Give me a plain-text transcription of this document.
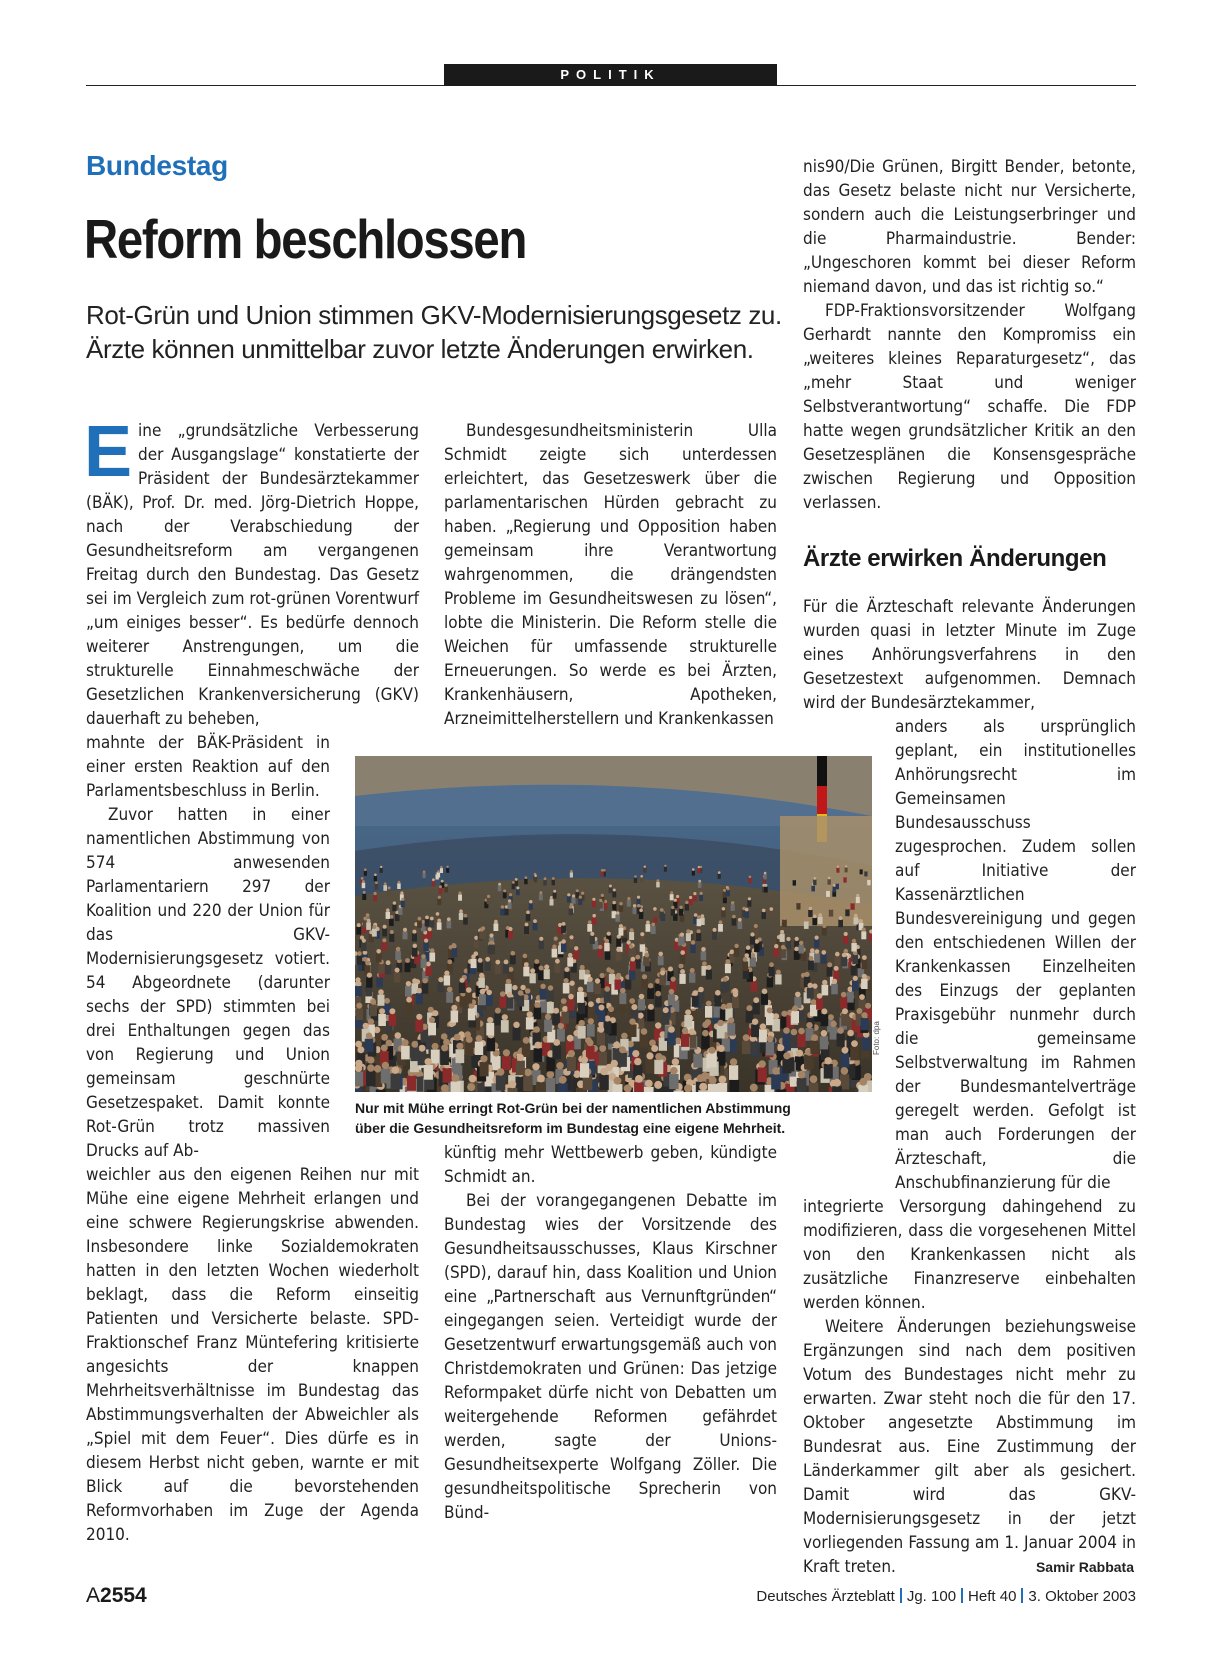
POLITIK
Bundestag
Reform beschlossen
Rot-Grün und Union stimmen GKV-Modernisierungsgesetz zu.
Ärzte können unmittelbar zuvor letzte Änderungen erwirken.

Eine „grundsätzliche Verbesserung der Ausgangslage“ konstatierte der Präsident der Bundesärztekammer (BÄK), Prof. Dr. med. Jörg-Dietrich Hoppe, nach der Verabschiedung der Gesundheitsreform am vergangenen Freitag durch den Bundestag. Das Gesetz sei im Vergleich zum rot-grünen Vorentwurf „um einiges besser“. Es bedürfe dennoch weiterer Anstrengungen, um die strukturelle Einnahmeschwäche der Gesetzlichen Krankenversicherung (GKV) dauerhaft zu beheben,

mahnte der BÄK-Präsident in einer ersten Reaktion auf den Parlamentsbeschluss in Berlin.

Zuvor hatten in einer namentlichen Abstimmung von 574 anwesenden Parlamentariern 297 der Koalition und 220 der Union für das GKV-Modernisierungsgesetz votiert. 54 Abgeordnete (darunter sechs der SPD) stimmten bei drei Enthaltungen gegen das von Regierung und Union gemeinsam geschnürte Gesetzespaket. Damit konnte Rot-Grün trotz massiven Drucks auf Ab-

weichler aus den eigenen Reihen nur mit Mühe eine eigene Mehrheit erlangen und eine schwere Regierungskrise abwenden. Insbesondere linke Sozialdemokraten hatten in den letzten Wochen wiederholt beklagt, dass die Reform einseitig Patienten und Versicherte belaste. SPD-Fraktionschef Franz Müntefering kritisierte angesichts der knappen Mehrheitsverhältnisse im Bundestag das Abstimmungsverhalten der Abweichler als „Spiel mit dem Feuer“. Dies dürfe es in diesem Herbst nicht geben, warnte er mit Blick auf die bevorstehenden Reformvorhaben im Zuge der Agenda 2010.

Bundesgesundheitsministerin Ulla Schmidt zeigte sich unterdessen erleichtert, das Gesetzeswerk über die parlamentarischen Hürden gebracht zu haben. „Regierung und Opposition haben gemeinsam ihre Verantwortung wahrgenommen, die drängendsten Probleme im Gesundheitswesen zu lösen“, lobte die Ministerin. Die Reform stelle die Weichen für umfassende strukturelle Erneuerungen. So werde es bei Ärzten, Krankenhäusern, Apotheken, Arzneimittelherstellern und Krankenkassen

künftig mehr Wettbewerb geben, kündigte Schmidt an.

Bei der vorangegangenen Debatte im Bundestag wies der Vorsitzende des Gesundheitsausschusses, Klaus Kirschner (SPD), darauf hin, dass Koalition und Union eine „Partnerschaft aus Vernunftgründen“ eingegangen seien. Verteidigt wurde der Gesetzentwurf erwartungsgemäß auch von Christdemokraten und Grünen: Das jetzige Reformpaket dürfe nicht von Debatten um weitergehende Reformen gefährdet werden, sagte der Unions-Gesundheitsexperte Wolfgang Zöller. Die gesundheitspolitische Sprecherin von Bünd-

nis90/Die Grünen, Birgitt Bender, betonte, das Gesetz belaste nicht nur Versicherte, sondern auch die Leistungserbringer und die Pharmaindustrie. Bender: „Ungeschoren kommt bei dieser Reform niemand davon, und das ist richtig so.“

FDP-Fraktionsvorsitzender Wolfgang Gerhardt nannte den Kompromiss ein „weiteres kleines Reparaturgesetz“, das „mehr Staat und weniger Selbstverantwortung“ schaffe. Die FDP hatte wegen grundsätzlicher Kritik an den Gesetzesplänen die Konsensgespräche zwischen Regierung und Opposition verlassen.

Ärzte erwirken Änderungen

Für die Ärzteschaft relevante Änderungen wurden quasi in letzter Minute im Zuge eines Anhörungsverfahrens in den Gesetzestext aufgenommen. Demnach wird der Bundesärztekammer,

anders als ursprünglich geplant, ein institutionelles Anhörungsrecht im Gemeinsamen Bundesausschuss zugesprochen. Zudem sollen auf Initiative der Kassenärztlichen Bundesvereinigung und gegen den entschiedenen Willen der Krankenkassen Einzelheiten des Einzugs der geplanten Praxisgebühr nunmehr durch die gemeinsame Selbstverwaltung im Rahmen der Bundesmantelverträge geregelt werden. Gefolgt ist man auch Forderungen der Ärzteschaft, die Anschubfinanzierung für die

integrierte Versorgung dahingehend zu modifizieren, dass die vorgesehenen Mittel von den Krankenkassen nicht als zusätzliche Finanzreserve einbehalten werden können.

Weitere Änderungen beziehungsweise Ergänzungen sind nach dem positiven Votum des Bundestages nicht mehr zu erwarten. Zwar steht noch die für den 17. Oktober angesetzte Abstimmung im Bundesrat aus. Eine Zustimmung der Länderkammer gilt aber als gesichert. Damit wird das GKV-Modernisierungsgesetz in der jetzt vorliegenden Fassung am 1. Januar 2004 in Kraft treten.	Samir Rabbata

Foto: dpa
Nur mit Mühe erringt Rot-Grün bei der namentlichen Abstimmung
über die Gesundheitsreform im Bundestag eine eigene Mehrheit.
A2554	Deutsches Ärzteblatt Jg. 100 Heft 40 3. Oktober 2003
